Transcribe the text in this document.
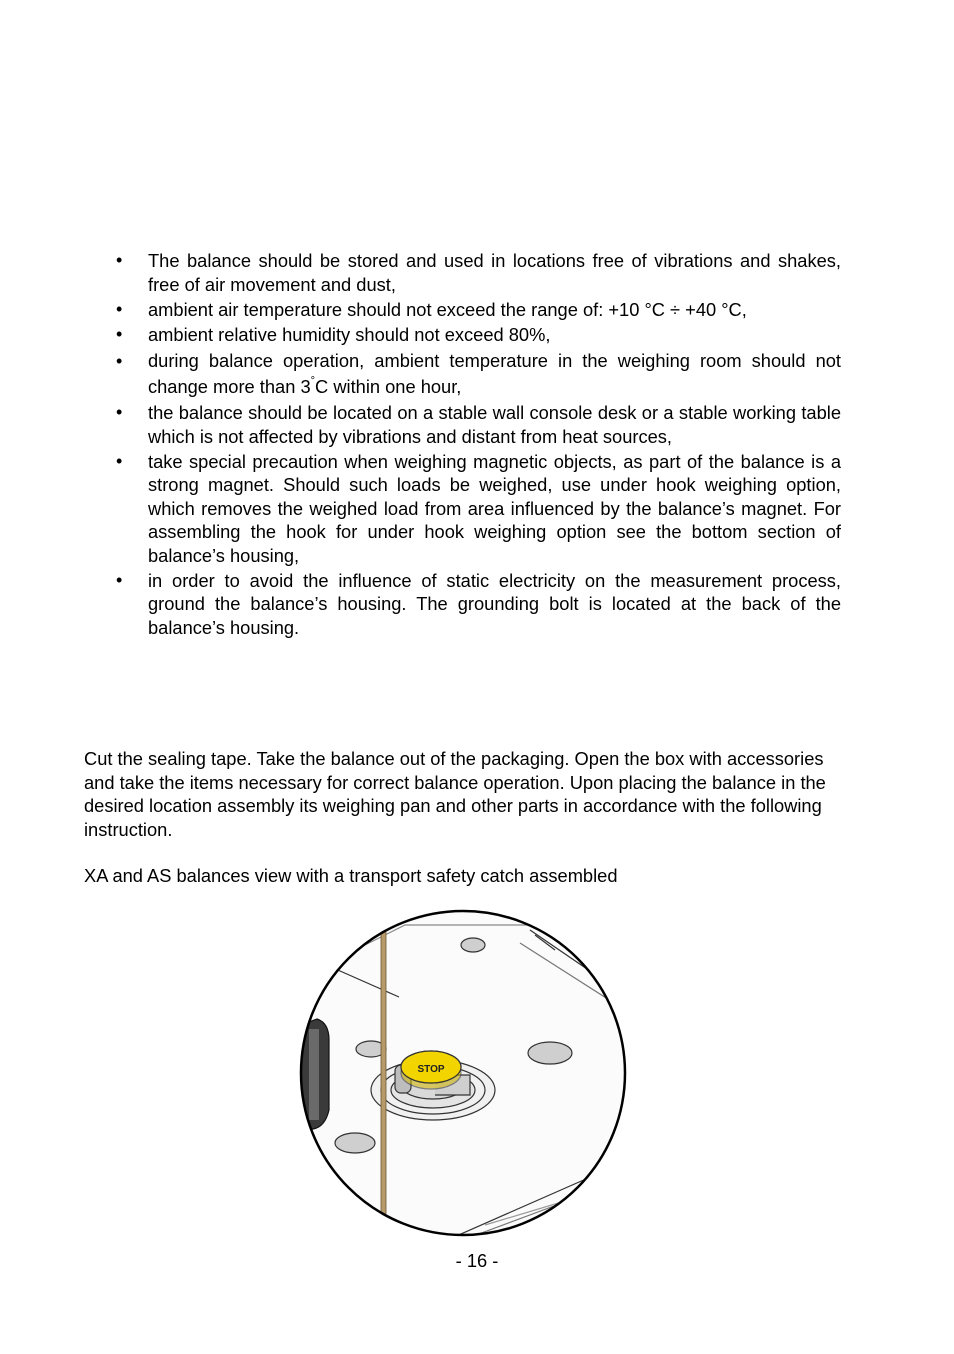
• The balance should be stored and used in locations free of vibrations and shakes, free of air movement and dust,
• ambient air temperature should not exceed the range of: +10 °C ÷ +40 °C,
• ambient relative humidity should not exceed 80%,
• during balance operation, ambient temperature in the weighing room should not change more than 3°C within one hour,
• the balance should be located on a stable wall console desk or a stable working table which is not affected by vibrations and distant from heat sources,
• take special precaution when weighing magnetic objects, as part of the balance is a strong magnet. Should such loads be weighed, use under hook weighing option, which removes the weighed load from area influenced by the balance’s magnet. For assembling the hook for under hook weighing option see the bottom section of balance’s housing,
• in order to avoid the influence of static electricity on the measurement process, ground the balance’s housing. The grounding bolt is located at the back of the balance’s housing.

Cut the sealing tape. Take the balance out of the packaging. Open the box with accessories and take the items necessary for correct balance operation. Upon placing the balance in the desired location assembly its weighing pan and other parts in accordance with the following instruction.

XA and AS balances view with a transport safety catch assembled

STOP
- 16 -
